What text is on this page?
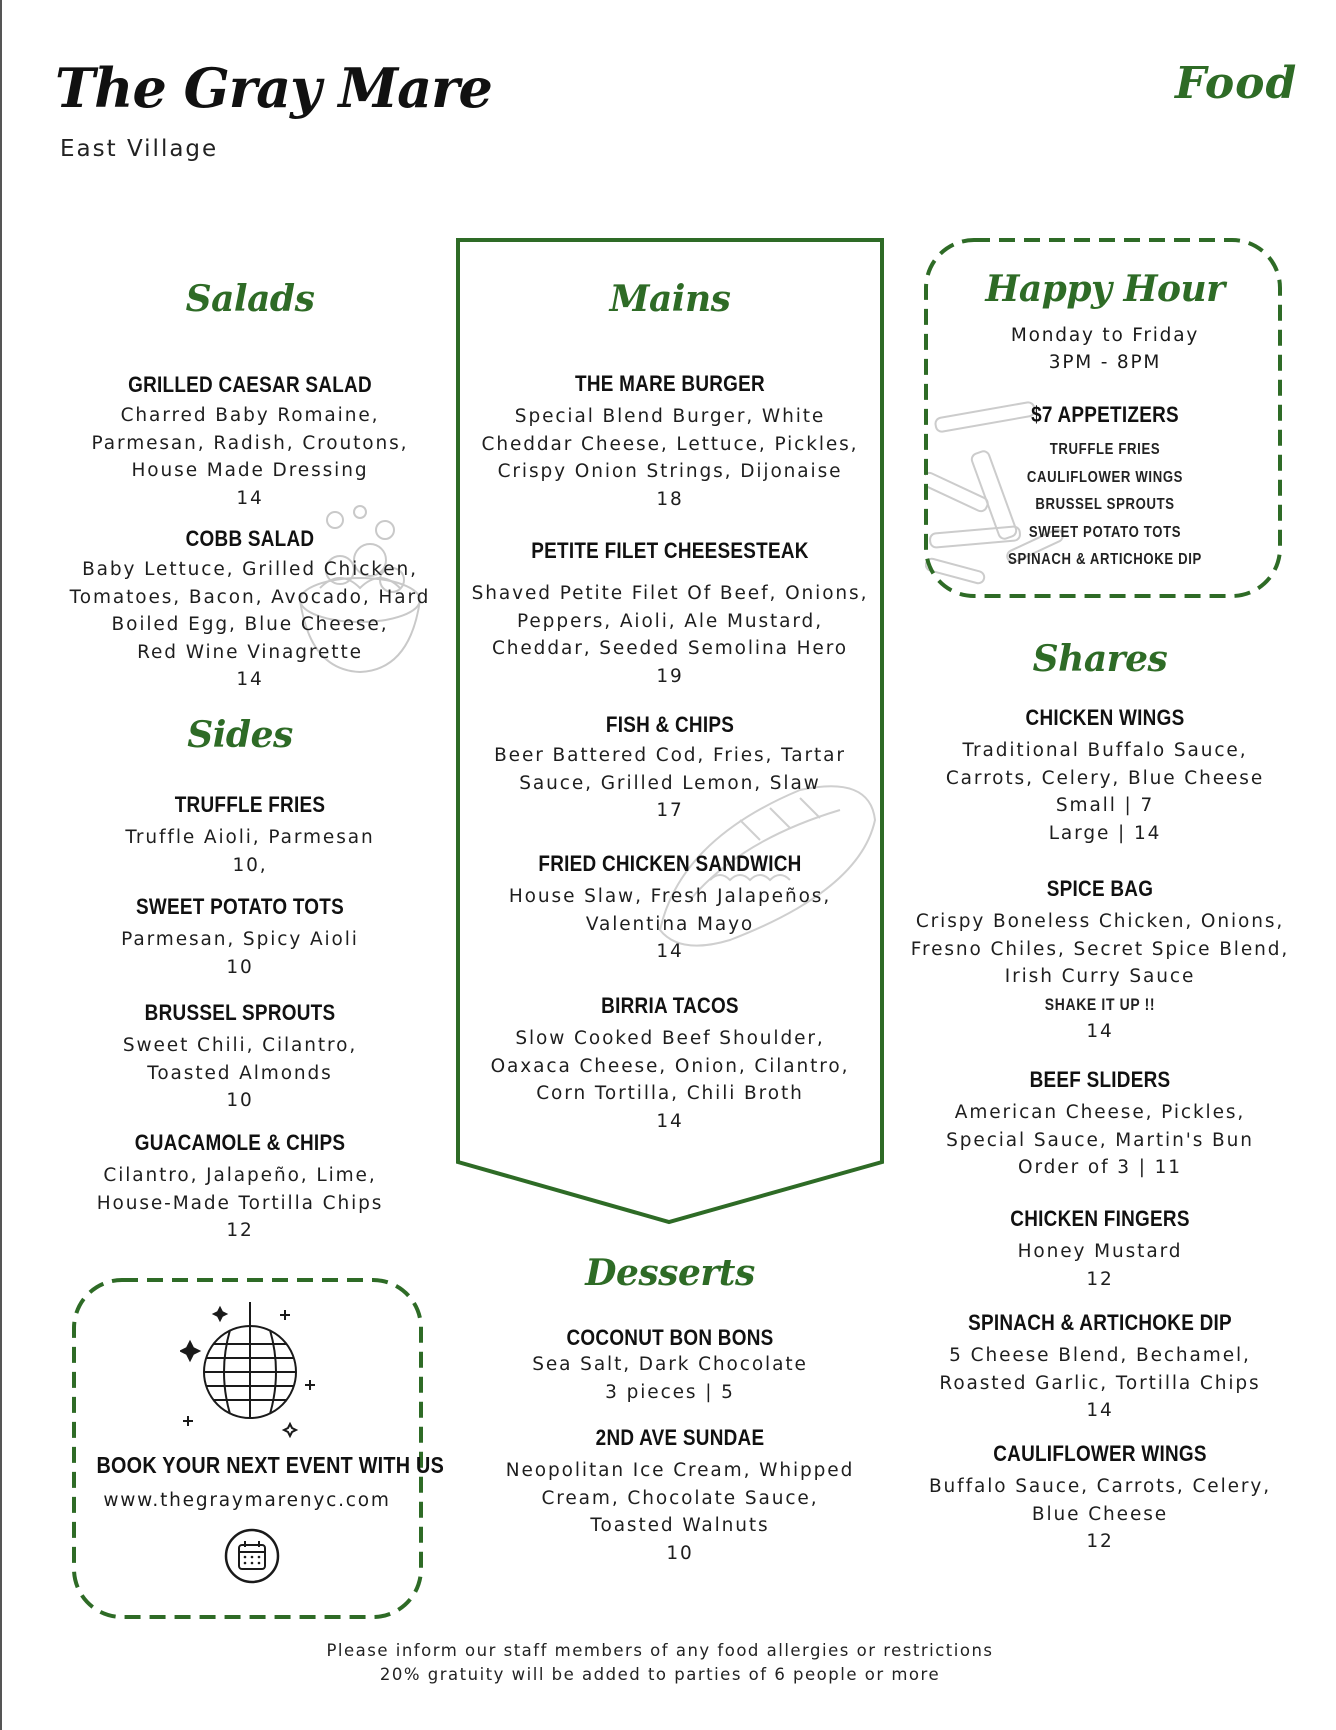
The Gray Mare
East Village
Food
Salads
GRILLED CAESAR SALAD
Charred Baby Romaine,
Parmesan, Radish, Croutons,
House Made Dressing
14
COBB SALAD
Baby Lettuce, Grilled Chicken,
Tomatoes, Bacon, Avocado, Hard
Boiled Egg, Blue Cheese,
Red Wine Vinagrette
14
Sides
TRUFFLE FRIES
Truffle Aioli, Parmesan
10,
SWEET POTATO TOTS
Parmesan, Spicy Aioli
10
BRUSSEL SPROUTS
Sweet Chili, Cilantro,
Toasted Almonds
10
GUACAMOLE & CHIPS
Cilantro, Jalapeño, Lime,
House-Made Tortilla Chips
12
BOOK YOUR NEXT EVENT WITH US
www.thegraymarenyc.com
Mains
THE MARE BURGER
Special Blend Burger, White
Cheddar Cheese, Lettuce, Pickles,
Crispy Onion Strings, Dijonaise
18
PETITE FILET CHEESESTEAK
Shaved Petite Filet Of Beef, Onions,
Peppers, Aioli, Ale Mustard,
Cheddar, Seeded Semolina Hero
19
FISH & CHIPS
Beer Battered Cod, Fries, Tartar
Sauce, Grilled Lemon, Slaw
17
FRIED CHICKEN SANDWICH
House Slaw, Fresh Jalapeños,
Valentina Mayo
14
BIRRIA TACOS
Slow Cooked Beef Shoulder,
Oaxaca Cheese, Onion, Cilantro,
Corn Tortilla, Chili Broth
14
Desserts
COCONUT BON BONS
Sea Salt, Dark Chocolate
3 pieces | 5
2ND AVE SUNDAE
Neopolitan Ice Cream, Whipped
Cream, Chocolate Sauce,
Toasted Walnuts
10
Happy Hour
Monday to Friday
3PM - 8PM
$7 APPETIZERS
TRUFFLE FRIES
CAULIFLOWER WINGS
BRUSSEL SPROUTS
SWEET POTATO TOTS
SPINACH & ARTICHOKE DIP
Shares
CHICKEN WINGS
Traditional Buffalo Sauce,
Carrots, Celery, Blue Cheese
Small | 7
Large | 14
SPICE BAG
Crispy Boneless Chicken, Onions,
Fresno Chiles, Secret Spice Blend,
Irish Curry Sauce
SHAKE IT UP !!
14
BEEF SLIDERS
American Cheese, Pickles,
Special Sauce, Martin's Bun
Order of 3 | 11
CHICKEN FINGERS
Honey Mustard
12
SPINACH & ARTICHOKE DIP
5 Cheese Blend, Bechamel,
Roasted Garlic, Tortilla Chips
14
CAULIFLOWER WINGS
Buffalo Sauce, Carrots, Celery,
Blue Cheese
12
Please inform our staff members of any food allergies or restrictions
20% gratuity will be added to parties of 6 people or more
